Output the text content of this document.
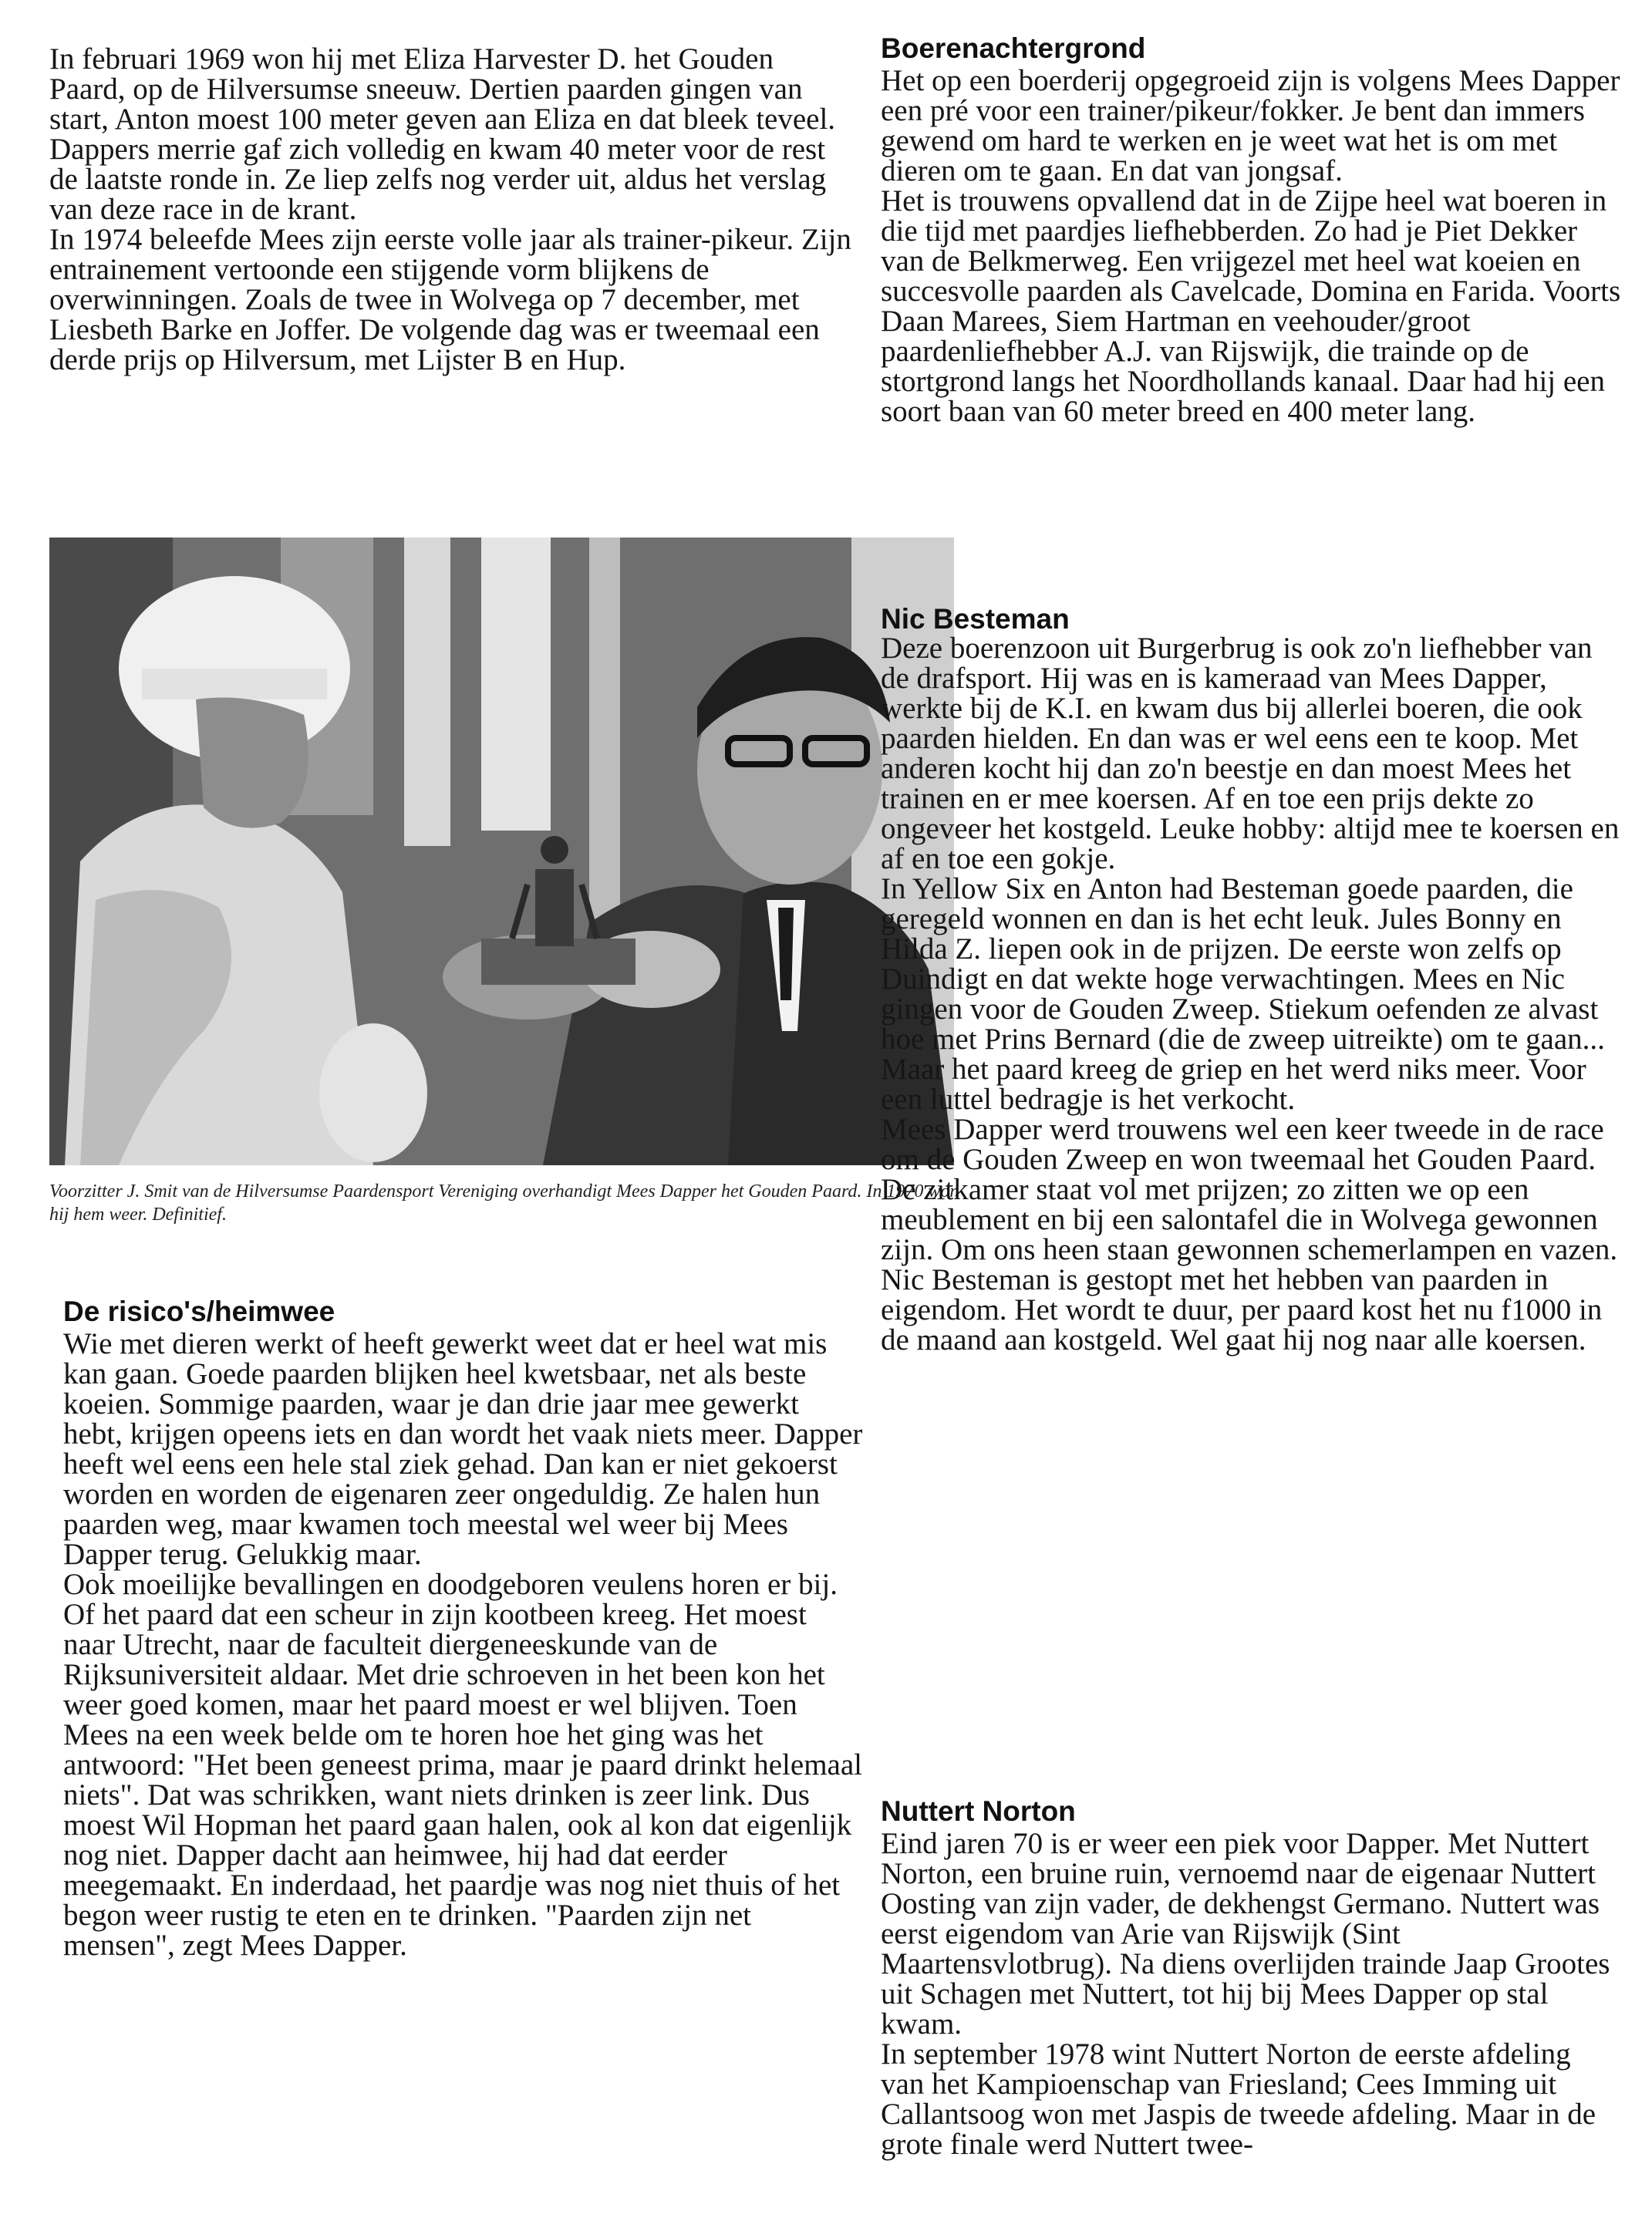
In februari 1969 won hij met Eliza Harvester D. het Gouden Paard, op de Hilversumse sneeuw. Dertien paarden gingen van start, Anton moest 100 meter geven aan Eliza en dat bleek teveel. Dappers merrie gaf zich volledig en kwam 40 meter voor de rest de laatste ronde in. Ze liep zelfs nog verder uit, aldus het verslag van deze race in de krant.

In 1974 beleefde Mees zijn eerste volle jaar als trainer-pikeur. Zijn entrainement vertoonde een stijgende vorm blijkens de overwinningen. Zoals de twee in Wolvega op 7 december, met Liesbeth Barke en Joffer. De volgende dag was er tweemaal een derde prijs op Hilversum, met Lijster B en Hup.

Boerenachtergrond

Het op een boerderij opgegroeid zijn is volgens Mees Dapper een pré voor een trainer/pikeur/fokker. Je bent dan immers gewend om hard te werken en je weet wat het is om met dieren om te gaan. En dat van jongsaf.

Het is trouwens opvallend dat in de Zijpe heel wat boeren in die tijd met paardjes liefhebberden. Zo had je Piet Dekker van de Belkmerweg. Een vrijgezel met heel wat koeien en succesvolle paarden als Cavelcade, Domina en Farida. Voorts Daan Marees, Siem Hartman en veehouder/groot paardenliefhebber A.J. van Rijswijk, die trainde op de stortgrond langs het Noordhollands kanaal. Daar had hij een soort baan van 60 meter breed en 400 meter lang.

Voorzitter J. Smit van de Hilversumse Paardensport Vereniging overhandigt Mees Dapper het Gouden Paard. In 1970 won hij hem weer. Definitief.
Nic Besteman

Deze boerenzoon uit Burgerbrug is ook zo'n liefhebber van de drafsport. Hij was en is kameraad van Mees Dapper, werkte bij de K.I. en kwam dus bij allerlei boeren, die ook paarden hielden. En dan was er wel eens een te koop. Met anderen kocht hij dan zo'n beestje en dan moest Mees het trainen en er mee koersen. Af en toe een prijs dekte zo ongeveer het kostgeld. Leuke hobby: altijd mee te koersen en af en toe een gokje.

In Yellow Six en Anton had Besteman goede paarden, die geregeld wonnen en dan is het echt leuk. Jules Bonny en Hilda Z. liepen ook in de prijzen. De eerste won zelfs op Duindigt en dat wekte hoge verwachtingen. Mees en Nic gingen voor de Gouden Zweep. Stiekum oefenden ze alvast hoe met Prins Bernard (die de zweep uitreikte) om te gaan... Maar het paard kreeg de griep en het werd niks meer. Voor een luttel bedragje is het verkocht.

Mees Dapper werd trouwens wel een keer tweede in de race om de Gouden Zweep en won tweemaal het Gouden Paard. De zitkamer staat vol met prijzen; zo zitten we op een meublement en bij een salontafel die in Wolvega gewonnen zijn. Om ons heen staan gewonnen schemerlampen en vazen.

Nic Besteman is gestopt met het hebben van paarden in eigendom. Het wordt te duur, per paard kost het nu f1000 in de maand aan kostgeld. Wel gaat hij nog naar alle koersen.

De risico's/heimwee

Wie met dieren werkt of heeft gewerkt weet dat er heel wat mis kan gaan. Goede paarden blijken heel kwetsbaar, net als beste koeien. Sommige paarden, waar je dan drie jaar mee gewerkt hebt, krijgen opeens iets en dan wordt het vaak niets meer. Dapper heeft wel eens een hele stal ziek gehad. Dan kan er niet gekoerst worden en worden de eigenaren zeer ongeduldig. Ze halen hun paarden weg, maar kwamen toch meestal wel weer bij Mees Dapper terug. Gelukkig maar.

Ook moeilijke bevallingen en doodgeboren veulens horen er bij. Of het paard dat een scheur in zijn kootbeen kreeg. Het moest naar Utrecht, naar de faculteit diergeneeskunde van de Rijksuniversiteit aldaar. Met drie schroeven in het been kon het weer goed komen, maar het paard moest er wel blijven. Toen Mees na een week belde om te horen hoe het ging was het antwoord: "Het been geneest prima, maar je paard drinkt helemaal niets". Dat was schrikken, want niets drinken is zeer link. Dus moest Wil Hopman het paard gaan halen, ook al kon dat eigenlijk nog niet. Dapper dacht aan heimwee, hij had dat eerder meegemaakt. En inderdaad, het paardje was nog niet thuis of het begon weer rustig te eten en te drinken. "Paarden zijn net mensen", zegt Mees Dapper.

Nuttert Norton

Eind jaren 70 is er weer een piek voor Dapper. Met Nuttert Norton, een bruine ruin, vernoemd naar de eigenaar Nuttert Oosting van zijn vader, de dekhengst Germano. Nuttert was eerst eigendom van Arie van Rijswijk (Sint Maartensvlotbrug). Na diens overlijden trainde Jaap Grootes uit Schagen met Nuttert, tot hij bij Mees Dapper op stal kwam.

In september 1978 wint Nuttert Norton de eerste afdeling van het Kampioenschap van Friesland; Cees Imming uit Callantsoog won met Jaspis de tweede afdeling. Maar in de grote finale werd Nuttert twee-
